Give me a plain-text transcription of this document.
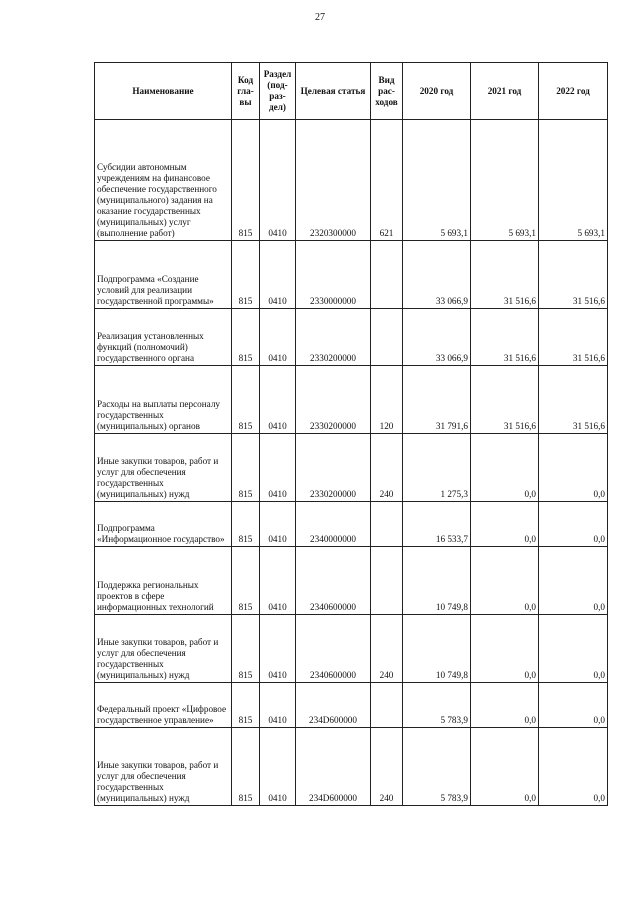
27
Наименование	Код гла- вы	Раздел (под- раз- дел)	Целевая статья	Вид рас- ходов	2020 год	2021 год	2022 год
Субсидии автономным учреждениям на финансовое обеспечение государственного (муниципального) задания на оказание государственных (муниципальных) услуг (выполнение работ)	815	0410	2320300000	621	5 693,1	5 693,1	5 693,1
Подпрограмма «Создание условий для реализации государственной программы»	815	0410	2330000000		33 066,9	31 516,6	31 516,6
Реализация установленных функций (полномочий) государственного органа	815	0410	2330200000		33 066,9	31 516,6	31 516,6
Расходы на выплаты персоналу государственных (муниципальных) органов	815	0410	2330200000	120	31 791,6	31 516,6	31 516,6
Иные закупки товаров, работ и услуг для обеспечения государственных (муниципальных) нужд	815	0410	2330200000	240	1 275,3	0,0	0,0
Подпрограмма «Информационное государство»	815	0410	2340000000		16 533,7	0,0	0,0
Поддержка региональных проектов в сфере информационных технологий	815	0410	2340600000		10 749,8	0,0	0,0
Иные закупки товаров, работ и услуг для обеспечения государственных (муниципальных) нужд	815	0410	2340600000	240	10 749,8	0,0	0,0
Федеральный проект «Цифровое государственное управление»	815	0410	234D600000		5 783,9	0,0	0,0
Иные закупки товаров, работ и услуг для обеспечения государственных (муниципальных) нужд	815	0410	234D600000	240	5 783,9	0,0	0,0
